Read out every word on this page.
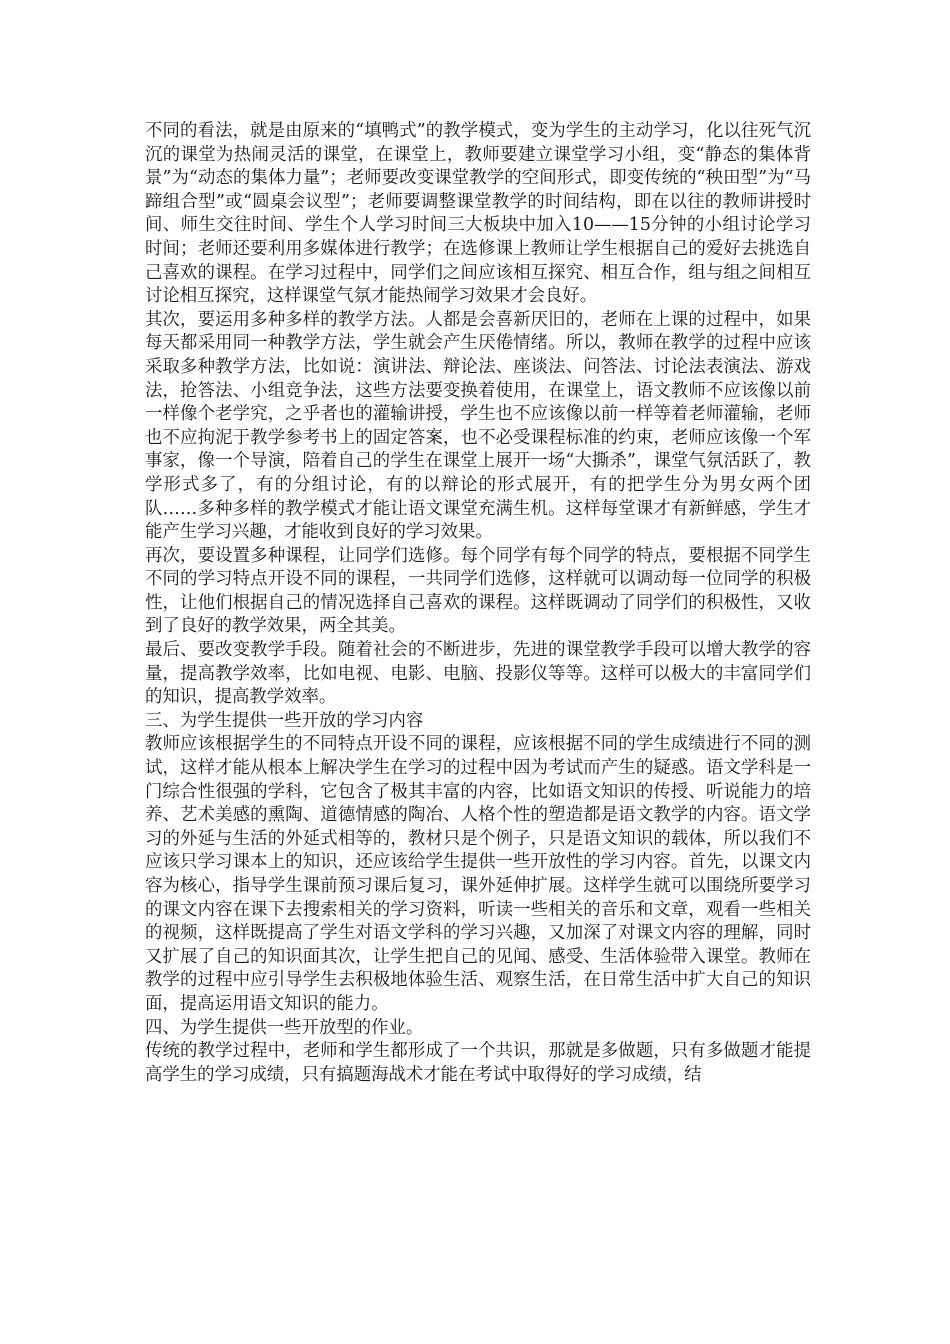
不同的看法，就是由原来的“填鸭式”的教学模式，变为学生的主动学习，化以往死气沉沉的课堂为热闹灵活的课堂，在课堂上，教师要建立课堂学习小组，变“静态的集体背景”为“动态的集体力量”；老师要改变课堂教学的空间形式，即变传统的“秧田型”为“马蹄组合型”或“圆桌会议型”；老师要调整课堂教学的时间结构，即在以往的教师讲授时间、师生交往时间、学生个人学习时间三大板块中加入10——15分钟的小组讨论学习时间；老师还要利用多媒体进行教学；在选修课上教师让学生根据自己的爱好去挑选自己喜欢的课程。在学习过程中，同学们之间应该相互探究、相互合作，组与组之间相互讨论相互探究，这样课堂气氛才能热闹学习效果才会良好。

其次，要运用多种多样的教学方法。人都是会喜新厌旧的，老师在上课的过程中，如果每天都采用同一种教学方法，学生就会产生厌倦情绪。所以，教师在教学的过程中应该采取多种教学方法，比如说：演讲法、辩论法、座谈法、问答法、讨论法表演法、游戏法，抢答法、小组竞争法，这些方法要变换着使用，在课堂上，语文教师不应该像以前一样像个老学究，之乎者也的灌输讲授，学生也不应该像以前一样等着老师灌输，老师也不应拘泥于教学参考书上的固定答案，也不必受课程标准的约束，老师应该像一个军事家，像一个导演，陪着自己的学生在课堂上展开一场“大撕杀”，课堂气氛活跃了，教学形式多了，有的分组讨论，有的以辩论的形式展开，有的把学生分为男女两个团队……多种多样的教学模式才能让语文课堂充满生机。这样每堂课才有新鲜感，学生才能产生学习兴趣，才能收到良好的学习效果。

再次，要设置多种课程，让同学们选修。每个同学有每个同学的特点，要根据不同学生不同的学习特点开设不同的课程，一共同学们选修，这样就可以调动每一位同学的积极性，让他们根据自己的情况选择自己喜欢的课程。这样既调动了同学们的积极性，又收到了良好的教学效果，两全其美。

最后、要改变教学手段。随着社会的不断进步，先进的课堂教学手段可以增大教学的容量，提高教学效率，比如电视、电影、电脑、投影仪等等。这样可以极大的丰富同学们的知识，提高教学效率。

三、为学生提供一些开放的学习内容

教师应该根据学生的不同特点开设不同的课程，应该根据不同的学生成绩进行不同的测试，这样才能从根本上解决学生在学习的过程中因为考试而产生的疑惑。语文学科是一门综合性很强的学科，它包含了极其丰富的内容，比如语文知识的传授、听说能力的培养、艺术美感的熏陶、道德情感的陶冶、人格个性的塑造都是语文教学的内容。语文学习的外延与生活的外延式相等的，教材只是个例子，只是语文知识的载体，所以我们不应该只学习课本上的知识，还应该给学生提供一些开放性的学习内容。首先，以课文内容为核心，指导学生课前预习课后复习，课外延伸扩展。这样学生就可以围绕所要学习的课文内容在课下去搜索相关的学习资料，听读一些相关的音乐和文章，观看一些相关的视频，这样既提高了学生对语文学科的学习兴趣，又加深了对课文内容的理解，同时又扩展了自己的知识面其次，让学生把自己的见闻、感受、生活体验带入课堂。教师在教学的过程中应引导学生去积极地体验生活、观察生活，在日常生活中扩大自己的知识面，提高运用语文知识的能力。

四、为学生提供一些开放型的作业。

传统的教学过程中，老师和学生都形成了一个共识，那就是多做题，只有多做题才能提高学生的学习成绩，只有搞题海战术才能在考试中取得好的学习成绩，结
